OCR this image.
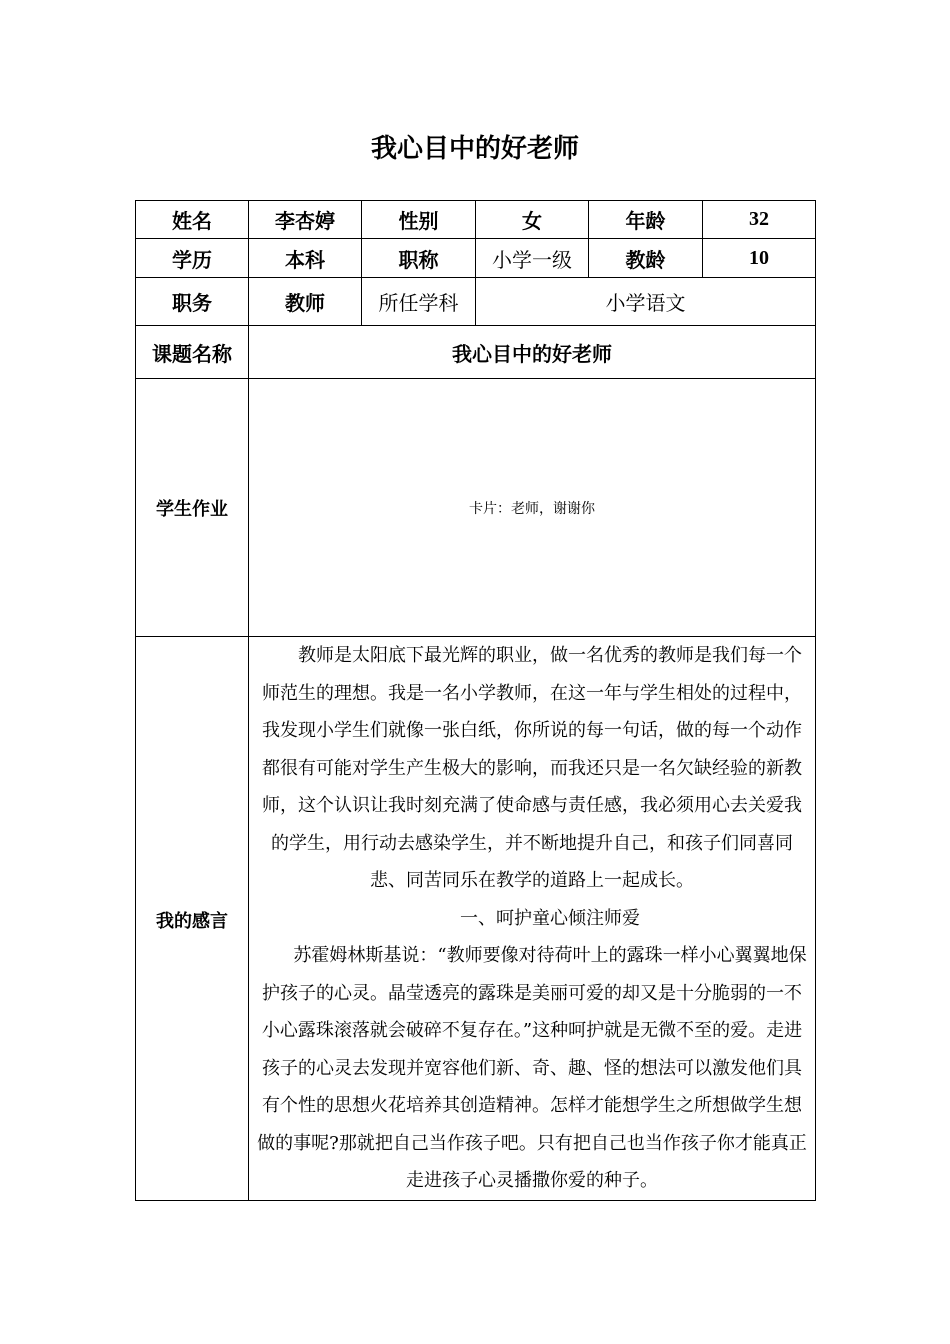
我心目中的好老师
姓名	李杏婷	性别	女	年龄	32
学历	本科	职称	小学一级	教龄	10
职务	教师	所任学科	小学语文		
课题名称	我心目中的好老师				
学生作业	卡片：老师，谢谢你				
我的感言	教师是太阳底下最光辉的职业，做一名优秀的教师是我们每一个师范生的理想。我是一名小学教师，在这一年与学生相处的过程中，我发现小学生们就像一张白纸，你所说的每一句话，做的每一个动作都很有可能对学生产生极大的影响，而我还只是一名欠缺经验的新教师，这个认识让我时刻充满了使命感与责任感，我必须用心去关爱我的学生，用行动去感染学生，并不断地提升自己，和孩子们同喜同悲、同苦同乐在教学的道路上一起成长。

一、呵护童心倾注师爱

苏霍姆林斯基说：“教师要像对待荷叶上的露珠一样小心翼翼地保护孩子的心灵。晶莹透亮的露珠是美丽可爱的却又是十分脆弱的一不小心露珠滚落就会破碎不复存在。”这种呵护就是无微不至的爱。走进孩子的心灵去发现并宽容他们新、奇、趣、怪的想法可以激发他们具有个性的思想火花培养其创造精神。怎样才能想学生之所想做学生想做的事呢?那就把自己当作孩子吧。只有把自己也当作孩子你才能真正走进孩子心灵播撒你爱的种子。				
